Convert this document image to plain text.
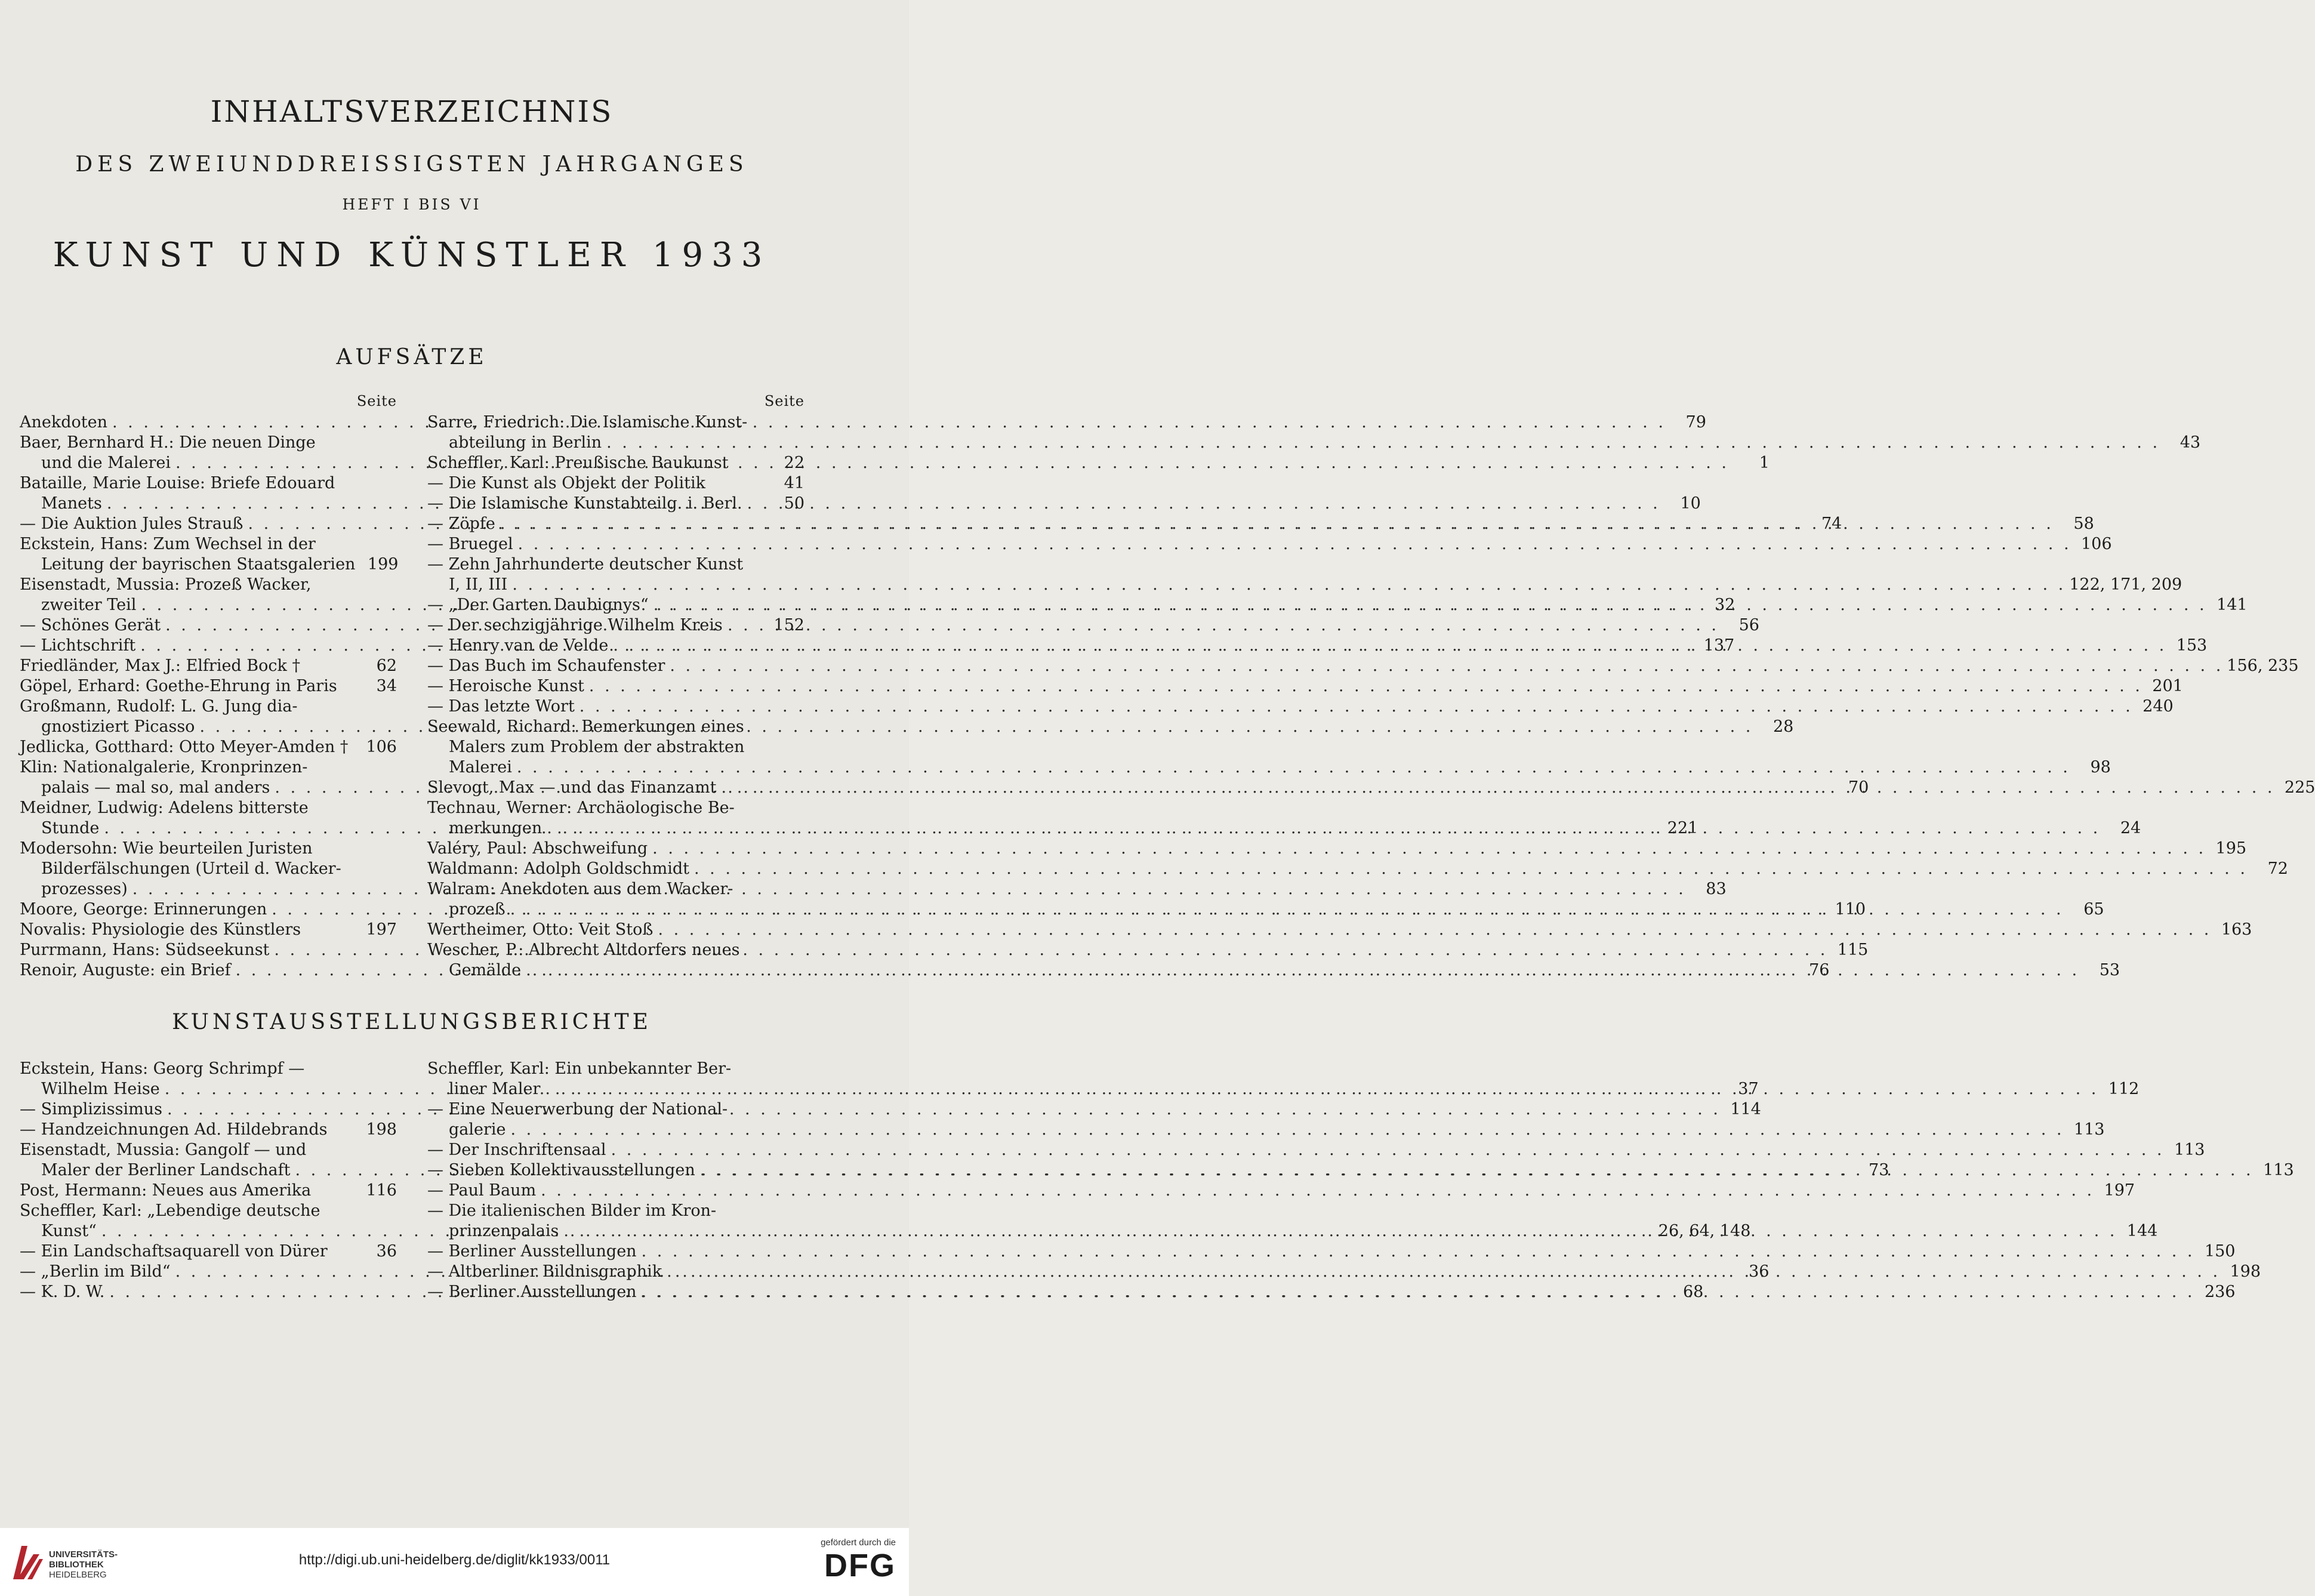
INHALTSVERZEICHNIS
DES ZWEIUNDDREISSIGSTEN JAHRGANGES
HEFT I BIS VI
KUNST UND KÜNSTLER 1933
AUFSÄTZE
Seite
Anekdoten . . .	79
Baer, Bernhard H.: Die neuen Dinge
und die Malerei . . .	1
Bataille, Marie Louise: Briefe Edouard
Manets . . .	10
— Die Auktion Jules Strauß . . .	74
Eckstein, Hans: Zum Wechsel in der
Leitung der bayrischen Staatsgalerien 199
Eisenstadt, Mussia: Prozeß Wacker,
zweiter Teil . . .	32
— Schönes Gerät . . .	56
— Lichtschrift . . .	137
Friedländer, Max J.: Elfried Bock †	62
Göpel, Erhard: Goethe-Ehrung in Paris	34
Großmann, Rudolf: L. G. Jung dia-
gnostiziert Picasso . . .	28
Jedlicka, Gotthard: Otto Meyer-Amden †	106
Klin: Nationalgalerie, Kronprinzen-
palais — mal so, mal anders . . .	70
Meidner, Ludwig: Adelens bitterste
Stunde . . .	221
Modersohn: Wie beurteilen Juristen
Bilderfälschungen (Urteil d. Wacker-
prozesses) . . .	83
Moore, George: Erinnerungen . . .	110
Novalis: Physiologie des Künstlers	197
Purrmann, Hans: Südseekunst . . .	115
Renoir, Auguste: ein Brief . . .	76
Seite
Sarre, Friedrich: Die Islamische Kunst-
abteilung in Berlin . . .	43
Scheffler, Karl: Preußische Baukunst	22
— Die Kunst als Objekt der Politik	41
— Die Islamische Kunstabteilg. i. Berl.	50
— Zöpfe . . .	58
— Bruegel . . .	106
— Zehn Jahrhunderte deutscher Kunst
I, II, III . . .	122, 171, 209
— „Der Garten Daubignys“ . . .	141
— Der sechzigjährige Wilhelm Kreis	152
— Henry van de Velde . . .	153
— Das Buch im Schaufenster . . .	156, 235
— Heroische Kunst . . .	201
— Das letzte Wort . . .	240
Seewald, Richard: Bemerkungen eines
Malers zum Problem der abstrakten
Malerei . . .	98
Slevogt, Max — und das Finanzamt . . .	225
Technau, Werner: Archäologische Be-
merkungen . . .	24
Valéry, Paul: Abschweifung . . .	195
Waldmann: Adolph Goldschmidt . . .	72
Walram: Anekdoten aus dem Wacker-
prozeß . . .	65
Wertheimer, Otto: Veit Stoß . . .	163
Wescher, P.: Albrecht Altdorfers neues
Gemälde . . .	53
KUNSTAUSSTELLUNGSBERICHTE
Eckstein, Hans: Georg Schrimpf —
Wilhelm Heise . . .	37
— Simplizissimus . . .	114
— Handzeichnungen Ad. Hildebrands	198
Eisenstadt, Mussia: Gangolf — und
Maler der Berliner Landschaft . . .	73
Post, Hermann: Neues aus Amerika	116
Scheffler, Karl: „Lebendige deutsche
Kunst“ . . .	26, 64, 148
— Ein Landschaftsaquarell von Dürer	36
— „Berlin im Bild“ . . .	36
— K. D. W. . . .	68
Scheffler, Karl: Ein unbekannter Ber-
liner Maler . . .	112
— Eine Neuerwerbung der National-
galerie . . .	113
— Der Inschriftensaal . . .	113
— Sieben Kollektivausstellungen . . .	113
— Paul Baum . . .	197
— Die italienischen Bilder im Kron-
prinzenpalais . . .	144
— Berliner Ausstellungen . . .	150
— Altberliner Bildnisgraphik . . .	198
— Berliner Ausstellungen . . .	236
UNIVERSITÄTS-
BIBLIOTHEK
HEIDELBERG
http://digi.ub.uni-heidelberg.de/diglit/kk1933/0011
gefördert durch die
DFG
